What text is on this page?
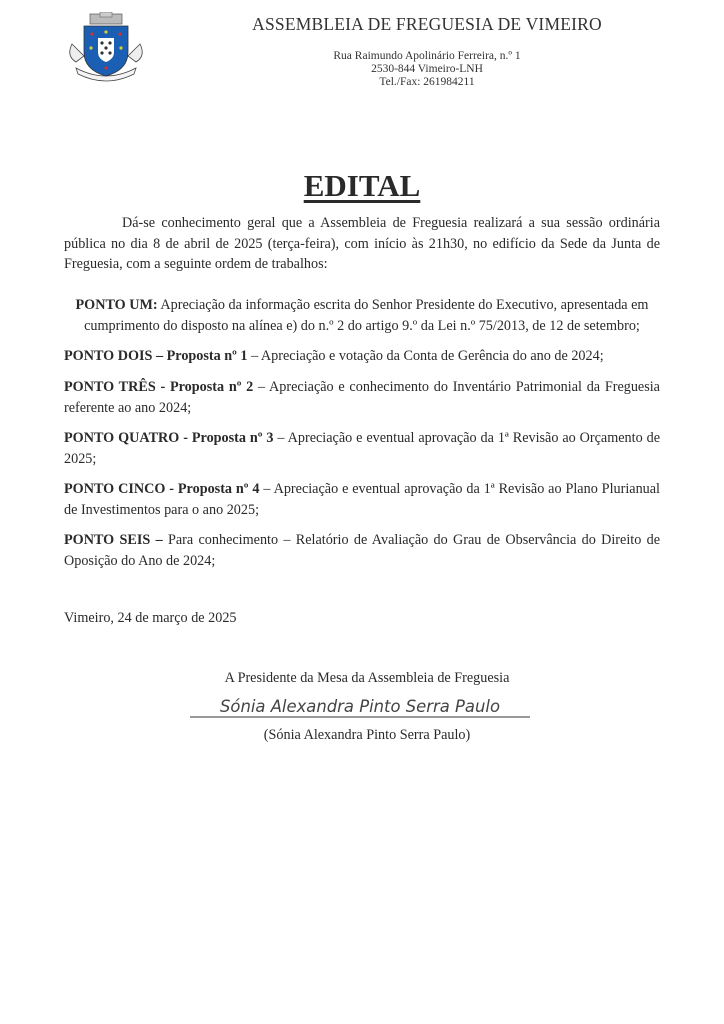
ASSEMBLEIA DE FREGUESIA DE VIMEIRO
Rua Raimundo Apolinário Ferreira, n.º 1
2530-844 Vimeiro-LNH
Tel./Fax: 261984211
EDITAL
Dá-se conhecimento geral que a Assembleia de Freguesia realizará a sua sessão ordinária pública no dia 8 de abril de 2025 (terça-feira), com início às 21h30, no edifício da Sede da Junta de Freguesia, com a seguinte ordem de trabalhos:
PONTO UM: Apreciação da informação escrita do Senhor Presidente do Executivo, apresentada em cumprimento do disposto na alínea e) do n.º 2 do artigo 9.º da Lei n.º 75/2013, de 12 de setembro;
PONTO DOIS – Proposta nº 1 – Apreciação e votação da Conta de Gerência do ano de 2024;
PONTO TRÊS - Proposta nº 2 – Apreciação e conhecimento do Inventário Patrimonial da Freguesia referente ao ano 2024;
PONTO QUATRO - Proposta nº 3 – Apreciação e eventual aprovação da 1ª Revisão ao Orçamento de 2025;
PONTO CINCO - Proposta nº 4 – Apreciação e eventual aprovação da 1ª Revisão ao Plano Plurianual de Investimentos para o ano 2025;
PONTO SEIS – Para conhecimento – Relatório de Avaliação do Grau de Observância do Direito de Oposição do Ano de 2024;
Vimeiro, 24 de março de 2025
A Presidente da Mesa da Assembleia de Freguesia
Sónia Alexandra Pinto Serra Paulo
(Sónia Alexandra Pinto Serra Paulo)
